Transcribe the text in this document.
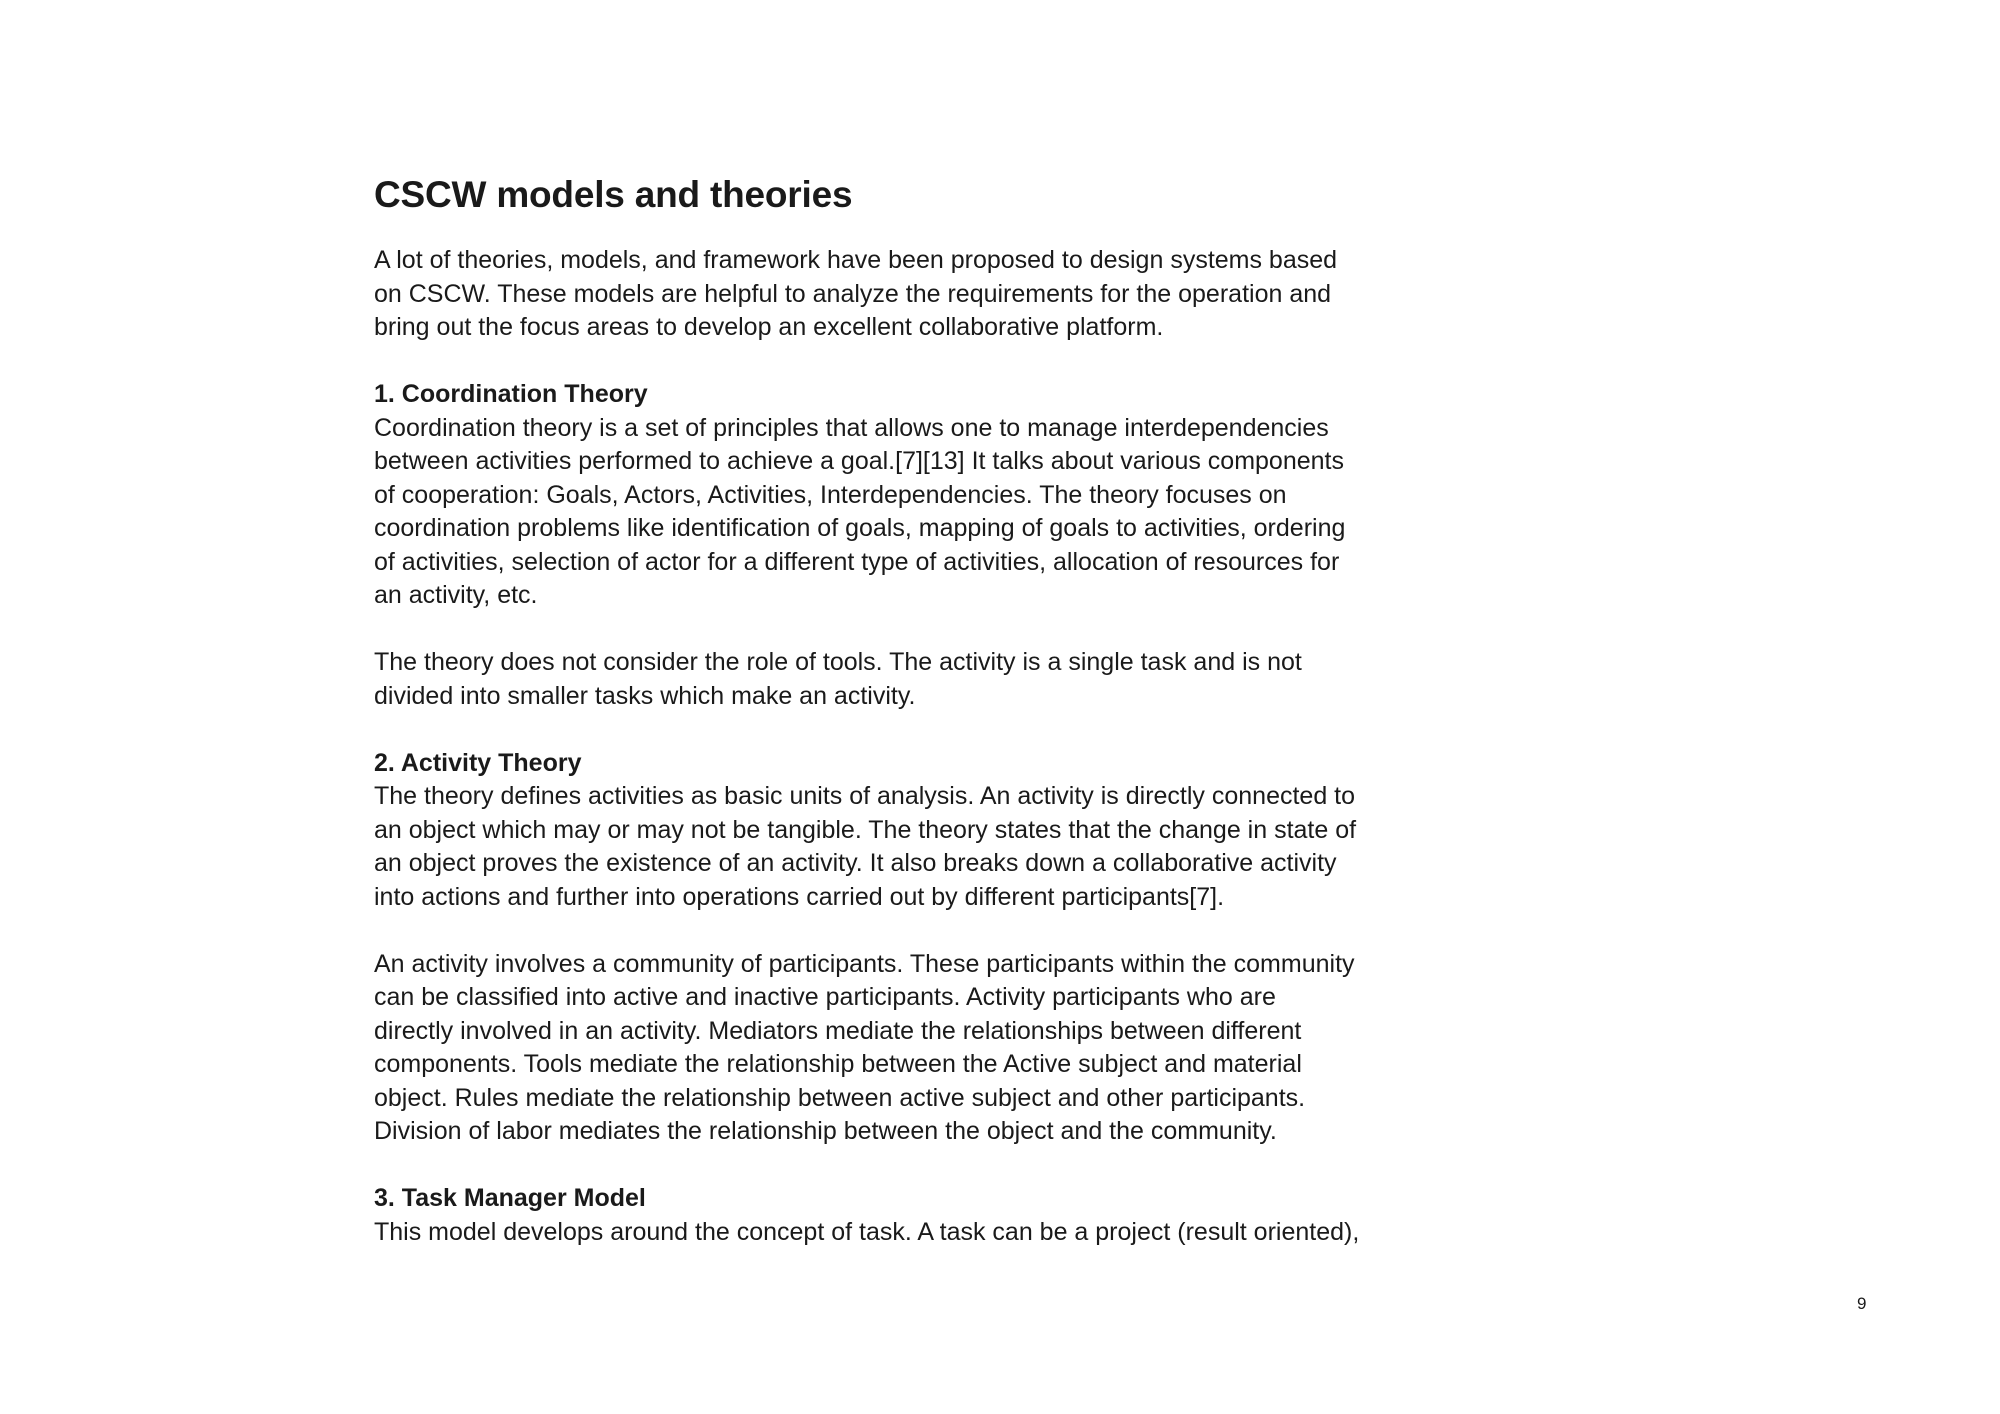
CSCW models and theories

A lot of theories, models, and framework have been proposed to design systems based
on CSCW. These models are helpful to analyze the requirements for the operation and
bring out the focus areas to develop an excellent collaborative platform.

1. Coordination Theory
Coordination theory is a set of principles that allows one to manage interdependencies
between activities performed to achieve a goal.[7][13] It talks about various components
of cooperation: Goals, Actors, Activities, Interdependencies. The theory focuses on
coordination problems like identification of goals, mapping of goals to activities, ordering
of activities, selection of actor for a different type of activities, allocation of resources for
an activity, etc.

The theory does not consider the role of tools. The activity is a single task and is not
divided into smaller tasks which make an activity.

2. Activity Theory
The theory defines activities as basic units of analysis. An activity is directly connected to
an object which may or may not be tangible. The theory states that the change in state of
an object proves the existence of an activity. It also breaks down a collaborative activity
into actions and further into operations carried out by different participants[7].

An activity involves a community of participants. These participants within the community
can be classified into active and inactive participants. Activity participants who are
directly involved in an activity. Mediators mediate the relationships between different
components. Tools mediate the relationship between the Active subject and material
object. Rules mediate the relationship between active subject and other participants.
Division of labor mediates the relationship between the object and the community.

3. Task Manager Model
This model develops around the concept of task. A task can be a project (result oriented),

9
